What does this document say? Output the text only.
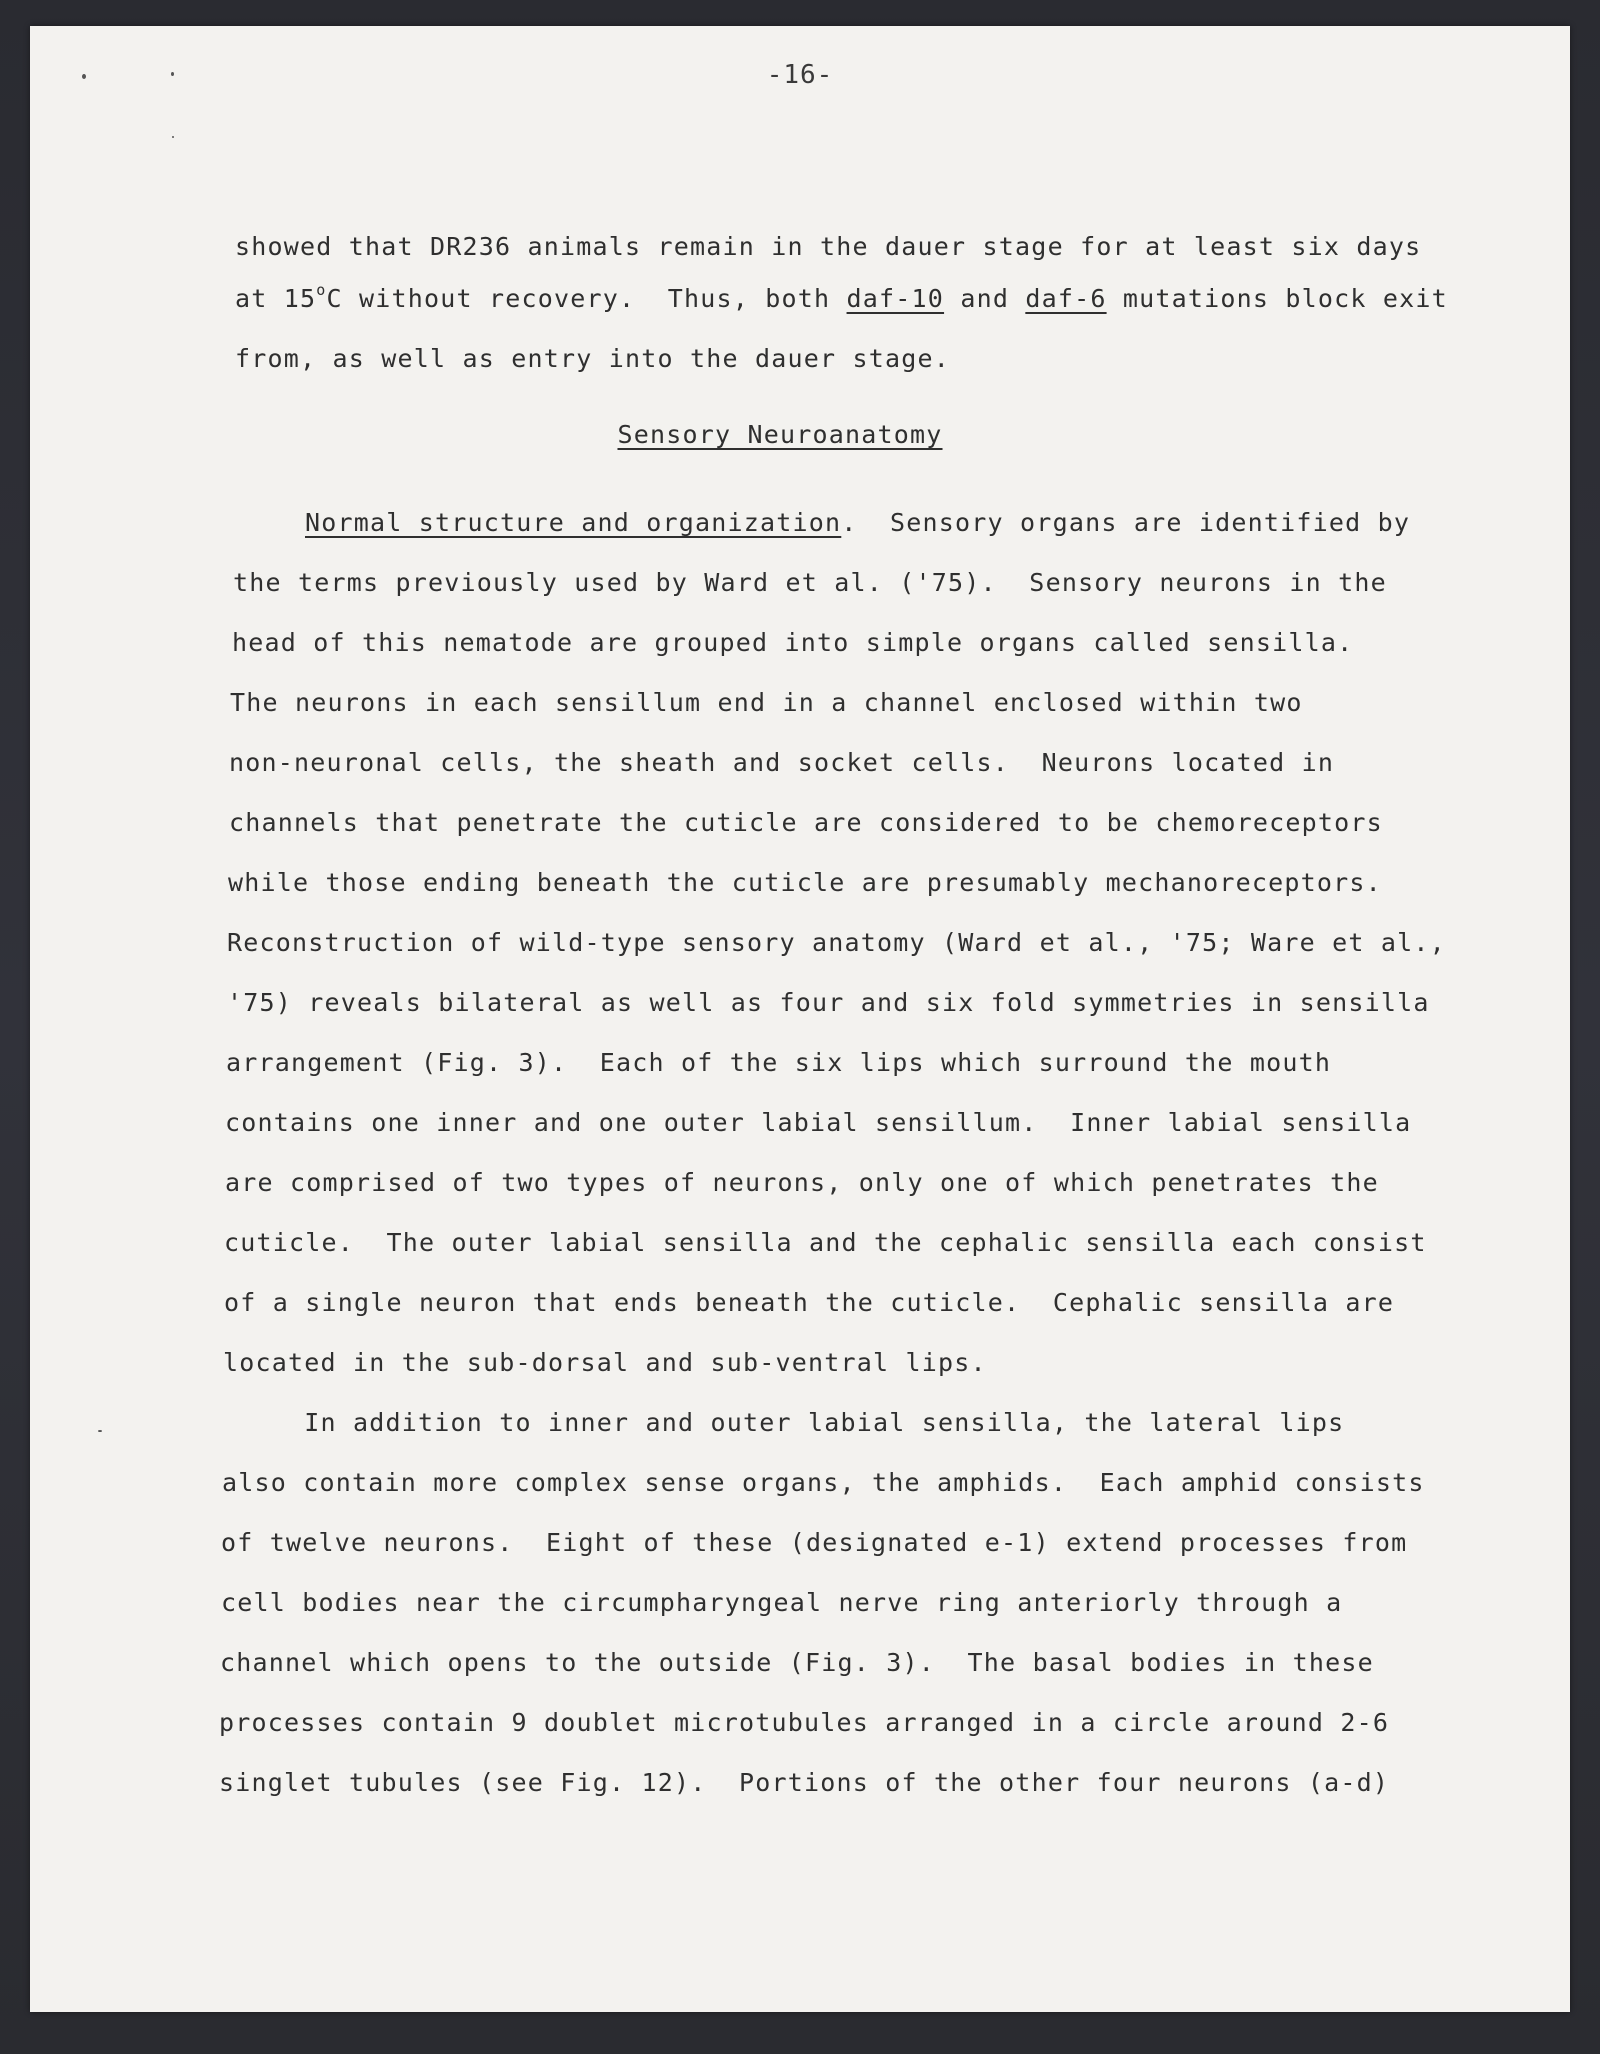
-16-
showed that DR236 animals remain in the dauer stage for at least six days
at 15$^o$C without recovery.  Thus, both daf-10 and daf-6 mutations block exit
from, as well as entry into the dauer stage.
Sensory Neuroanatomy
Normal structure and organization.  Sensory organs are identified by
the terms previously used by Ward et al. ('75).  Sensory neurons in the
head of this nematode are grouped into simple organs called sensilla.
The neurons in each sensillum end in a channel enclosed within two
non-neuronal cells, the sheath and socket cells.  Neurons located in
channels that penetrate the cuticle are considered to be chemoreceptors
while those ending beneath the cuticle are presumably mechanoreceptors.
Reconstruction of wild-type sensory anatomy (Ward et al., '75; Ware et al.,
'75) reveals bilateral as well as four and six fold symmetries in sensilla
arrangement (Fig. 3).  Each of the six lips which surround the mouth
contains one inner and one outer labial sensillum.  Inner labial sensilla
are comprised of two types of neurons, only one of which penetrates the
cuticle.  The outer labial sensilla and the cephalic sensilla each consist
of a single neuron that ends beneath the cuticle.  Cephalic sensilla are
located in the sub-dorsal and sub-ventral lips.
In addition to inner and outer labial sensilla, the lateral lips
also contain more complex sense organs, the amphids.  Each amphid consists
of twelve neurons.  Eight of these (designated e-1) extend processes from
cell bodies near the circumpharyngeal nerve ring anteriorly through a
channel which opens to the outside (Fig. 3).  The basal bodies in these
processes contain 9 doublet microtubules arranged in a circle around 2-6
singlet tubules (see Fig. 12).  Portions of the other four neurons (a-d)
